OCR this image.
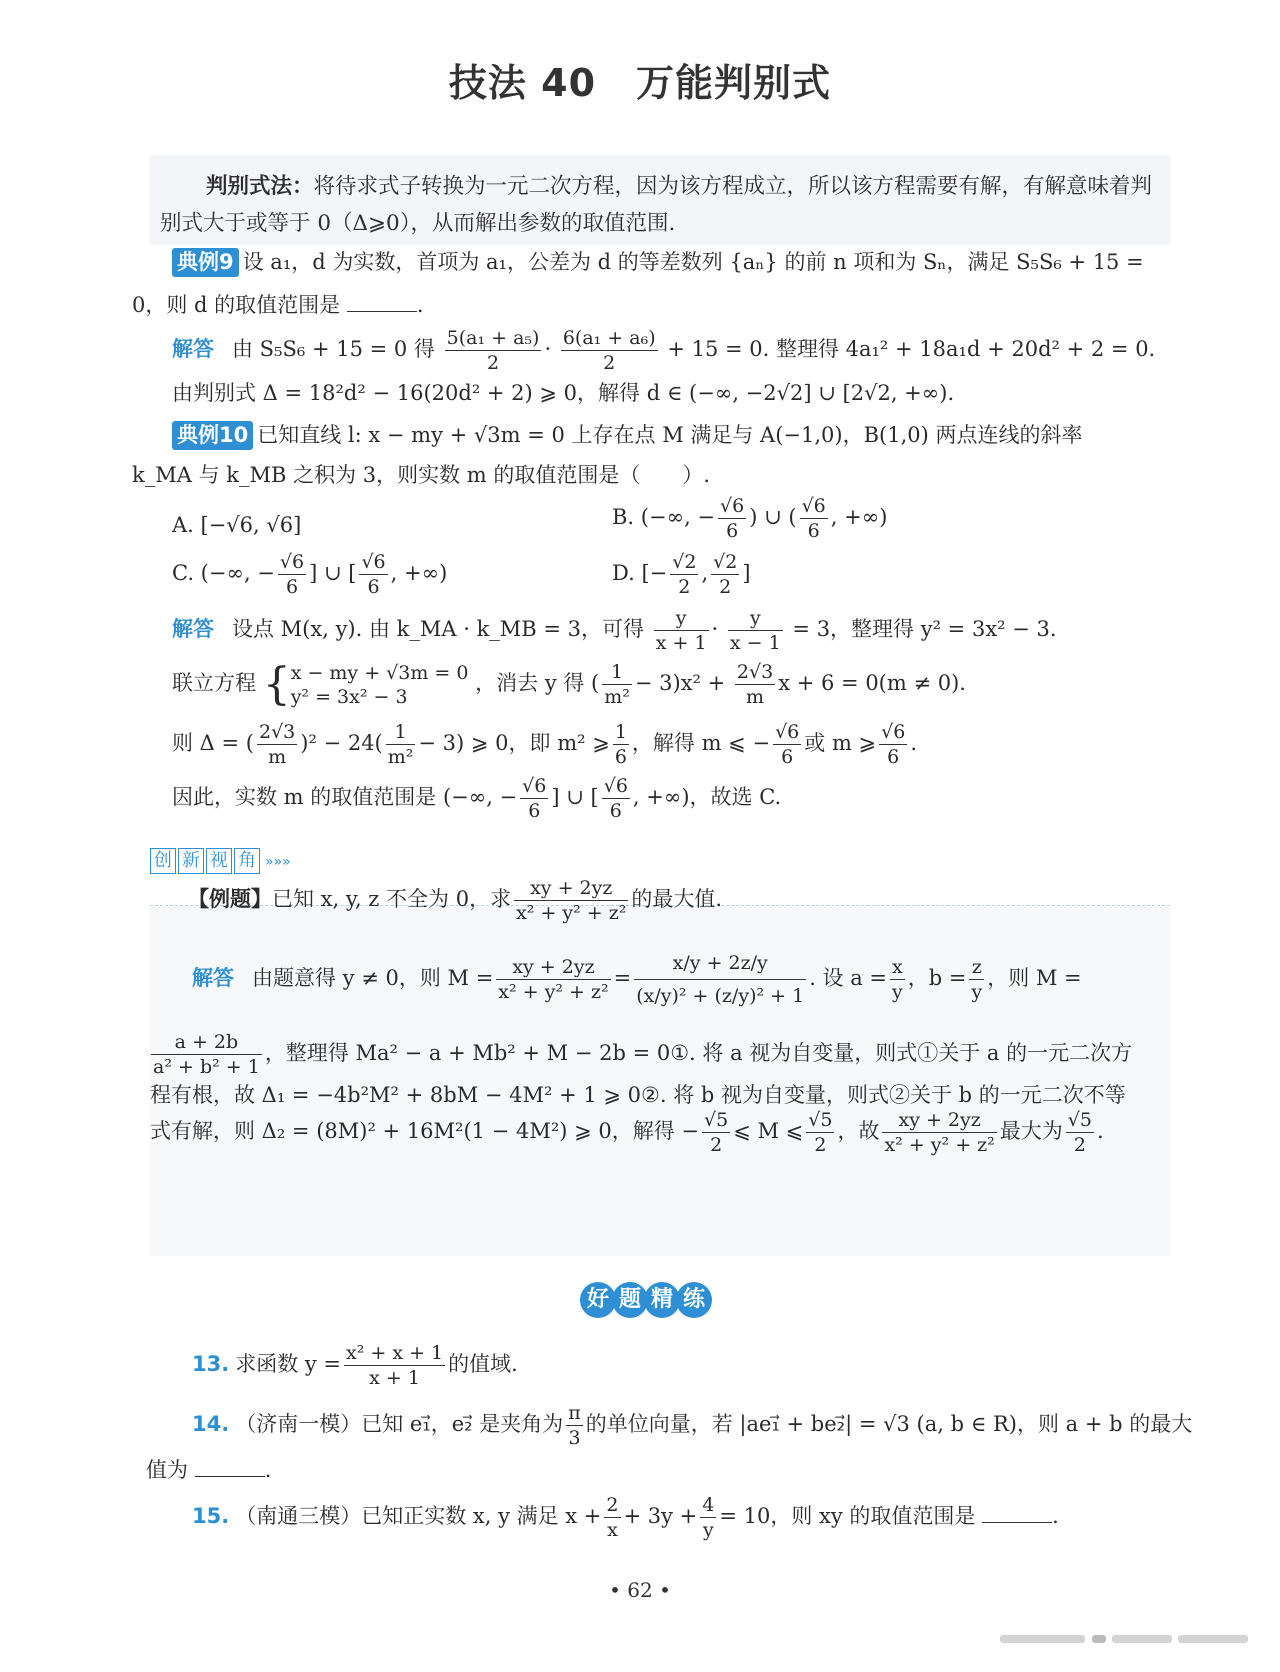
技法 40 万能判别式
判别式法：将待求式子转换为一元二次方程，因为该方程成立，所以该方程需要有解，有解意味着判别式大于或等于 0（Δ⩾0），从而解出参数的取值范围.
典例9 设 a₁，d 为实数，首项为 a₁，公差为 d 的等差数列 {aₙ} 的前 n 项和为 Sₙ，满足 S₅S₆ + 15 =
0，则 d 的取值范围是	.
解答 由 S₅S₆ + 15 = 0 得 $\frac{\text{5(a₁ + a₅)}}{2} \cdot \frac{\text{6(a₁ + a₆)}}{2} + 15 = 0$. 整理得 4a₁² + 18a₁d + 20d² + 2 = 0.
由判别式 Δ = 18²d² − 16(20d² + 2) ⩾ 0，解得 d ∈ (−∞, −2√2] ∪ [2√2, +∞).
典例10 已知直线 l: x − my + √3m = 0 上存在点 M 满足与 A(−1,0)，B(1,0) 两点连线的斜率
k_MA 与 k_MB 之积为 3，则实数 m 的取值范围是（　　）.
A. [−√6, √6]	B. (−∞, − $\frac{√6}{6}$ ) ∪ ( $\frac{√6}{6}$ , +∞)
C. (−∞, − $\frac{√6}{6}$ ] ∪ [ $\frac{√6}{6}$ , +∞)	D. [− $\frac{√2}{2}$ , $\frac{√2}{2}$ ]
解答 设点 M(x, y). 由 k_MA · k_MB = 3，可得 $\frac{y}{x + 1} \cdot \frac{y}{x - 1} = 3$，整理得 y² = 3x² − 3.
联立方程 { x − my + √3m = 0
y² = 3x² − 3
，消去 y 得 ( $\frac{1}{\text{m²}} - 3)x^2 + \frac{2√3}{m}$ x + 6 = 0(m ≠ 0).
则 Δ = ( $\frac{2√3}{m} )^2 - 24( \frac{1}{\text{m²}} - 3)$ ⩾ 0，即 m² ⩾ $\frac{1}{6}$ ，解得 m ⩽ − $\frac{√6}{6}$ 或 m ⩾ $\frac{√6}{6}$ .
因此，实数 m 的取值范围是 (−∞, − $\frac{√6}{6}$ ] ∪ [ $\frac{√6}{6}$ , +∞)，故选 C.
创 新 视 角 »»»
【例题】已知 x, y, z 不全为 0，求 $\frac{xy + 2yz}{\text{x² + y² + z²}}$ 的最大值.
解答 由题意得 y ≠ 0，则 $M = \frac{xy + 2yz}{\text{x² + y² + z²}} = \frac{x/y + 2z/y}{\text{(x/y)² + (z/y)² + 1}}$ . 设 $a = \frac{x}{y}$ ，$b = \frac{z}{y}$ ，则 M =
$\frac{a + 2b}{\text{a² + b² + 1}}$ ，整理得 Ma² − a + Mb² + M − 2b = 0①. 将 a 视为自变量，则式①关于 a 的一元二次方
程有根，故 Δ₁ = −4b²M² + 8bM − 4M² + 1 ⩾ 0②. 将 b 视为自变量，则式②关于 b 的一元二次不等
式有解，则 Δ₂ = (8M)² + 16M²(1 − 4M²) ⩾ 0，解得 − $\frac{√5}{2}$ ⩽ M ⩽ $\frac{√5}{2}$ ，故 $\frac{xy + 2yz}{\text{x² + y² + z²}}$ 最大为 $\frac{√5}{2}$ .
好 题 精 练
13. 求函数 $y = \frac{\text{x² + x + 1}}{x + 1}$ 的值域.
14. （济南一模）已知 e₁⃗，e₂⃗ 是夹角为 $\frac{\pi}{3}$ 的单位向量，若 |ae₁⃗ + be₂⃗| = √3 (a, b ∈ R)，则 a + b 的最大
值为	.
15. （南通三模）已知正实数 x, y 满足 $x + \frac{2}{x} + 3y + \frac{4}{y} = 10$，则 xy 的取值范围是	.
• 62 •
